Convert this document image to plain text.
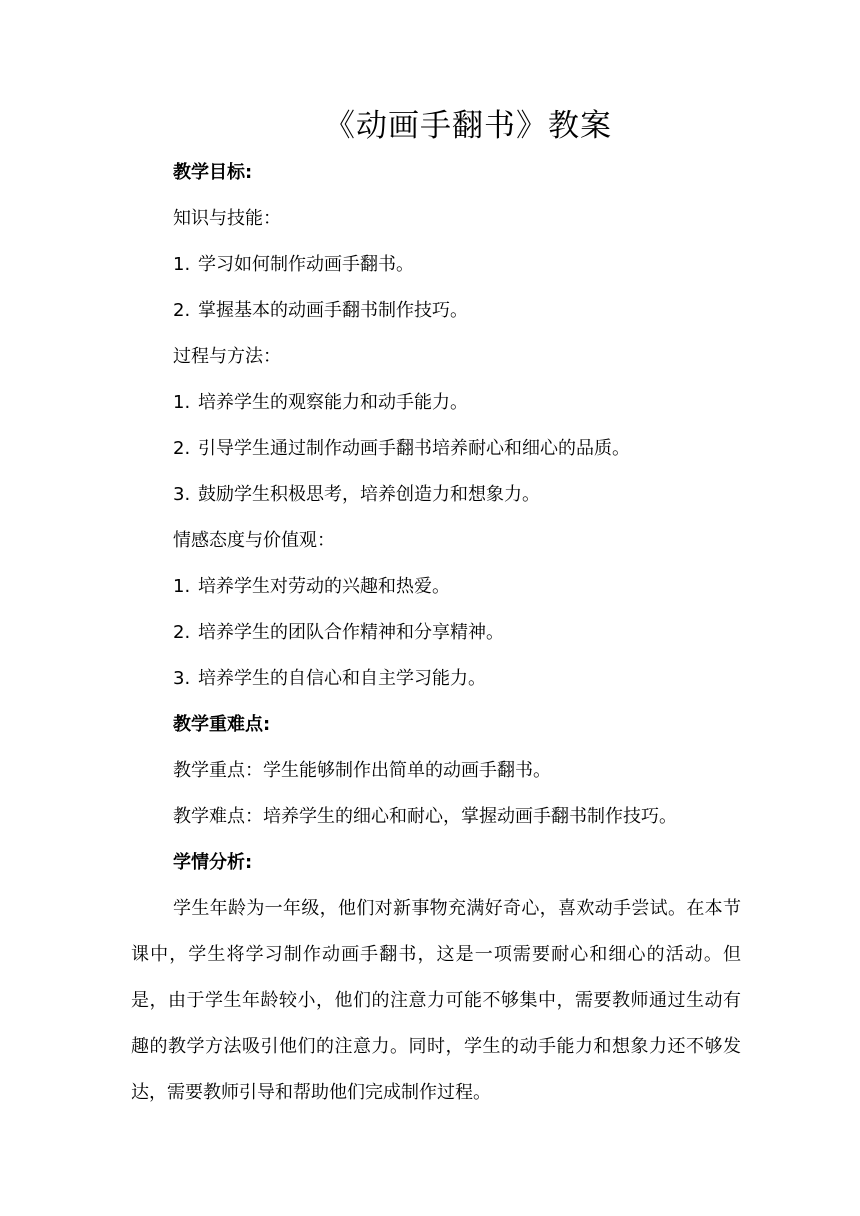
《动画手翻书》教案

教学目标:

知识与技能：

1. 学习如何制作动画手翻书。

2. 掌握基本的动画手翻书制作技巧。

过程与方法：

1. 培养学生的观察能力和动手能力。

2. 引导学生通过制作动画手翻书培养耐心和细心的品质。

3. 鼓励学生积极思考，培养创造力和想象力。

情感态度与价值观：

1. 培养学生对劳动的兴趣和热爱。

2. 培养学生的团队合作精神和分享精神。

3. 培养学生的自信心和自主学习能力。

教学重难点:

教学重点：学生能够制作出简单的动画手翻书。

教学难点：培养学生的细心和耐心，掌握动画手翻书制作技巧。

学情分析:

学生年龄为一年级，他们对新事物充满好奇心，喜欢动手尝试。在本节课中，学生将学习制作动画手翻书，这是一项需要耐心和细心的活动。但是，由于学生年龄较小，他们的注意力可能不够集中，需要教师通过生动有趣的教学方法吸引他们的注意力。同时，学生的动手能力和想象力还不够发达，需要教师引导和帮助他们完成制作过程。
